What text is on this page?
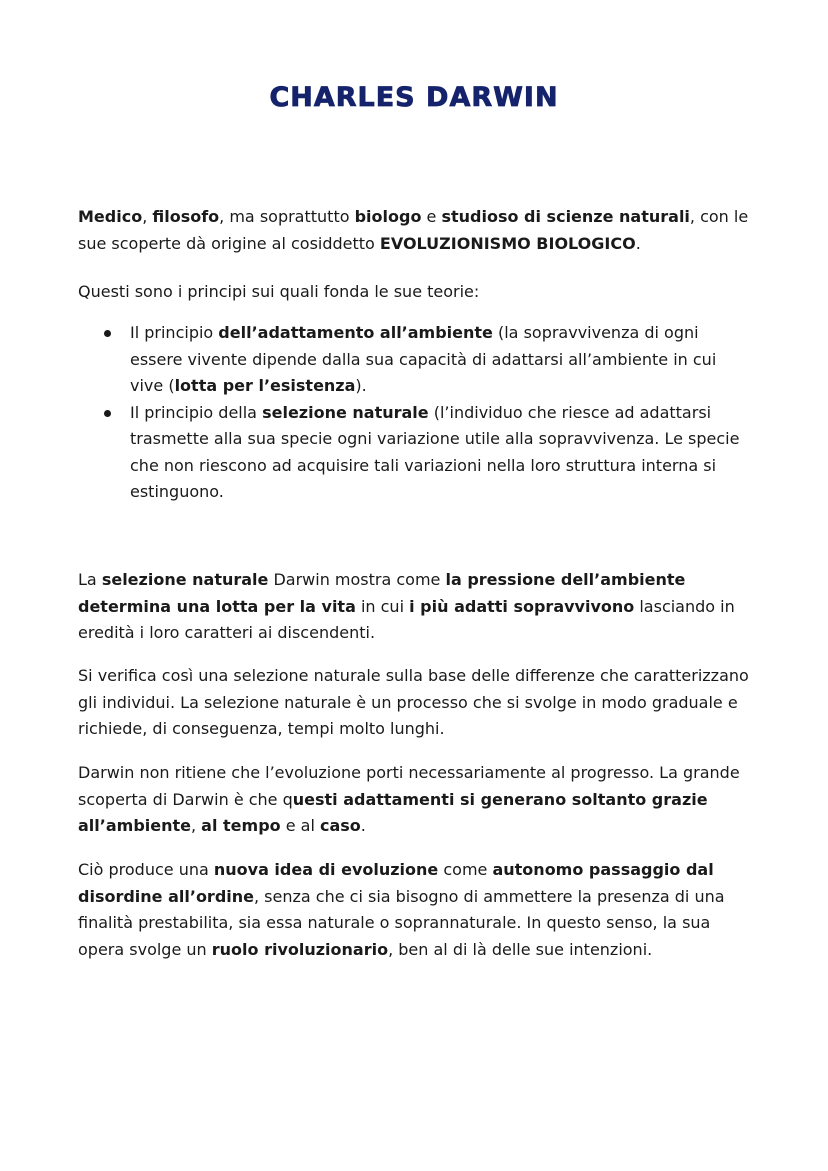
CHARLES DARWIN

Medico, filosofo, ma soprattutto biologo e studioso di scienze naturali, con le sue scoperte dà origine al cosiddetto EVOLUZIONISMO BIOLOGICO.

Questi sono i principi sui quali fonda le sue teorie:

Il principio dell’adattamento all’ambiente (la sopravvivenza di ogni essere vivente dipende dalla sua capacità di adattarsi all’ambiente in cui vive (lotta per l’esistenza).
Il principio della selezione naturale (l’individuo che riesce ad adattarsi trasmette alla sua specie ogni variazione utile alla sopravvivenza. Le specie che non riescono ad acquisire tali variazioni nella loro struttura interna si estinguono.

La selezione naturale Darwin mostra come la pressione dell’ambiente determina una lotta per la vita in cui i più adatti sopravvivono lasciando in eredità i loro caratteri ai discendenti.

Si verifica così una selezione naturale sulla base delle differenze che caratterizzano gli individui. La selezione naturale è un processo che si svolge in modo graduale e richiede, di conseguenza, tempi molto lunghi.

Darwin non ritiene che l’evoluzione porti necessariamente al progresso. La grande scoperta di Darwin è che questi adattamenti si generano soltanto grazie all’ambiente, al tempo e al caso.

Ciò produce una nuova idea di evoluzione come autonomo passaggio dal disordine all’ordine, senza che ci sia bisogno di ammettere la presenza di una finalità prestabilita, sia essa naturale o soprannaturale. In questo senso, la sua opera svolge un ruolo rivoluzionario, ben al di là delle sue intenzioni.
